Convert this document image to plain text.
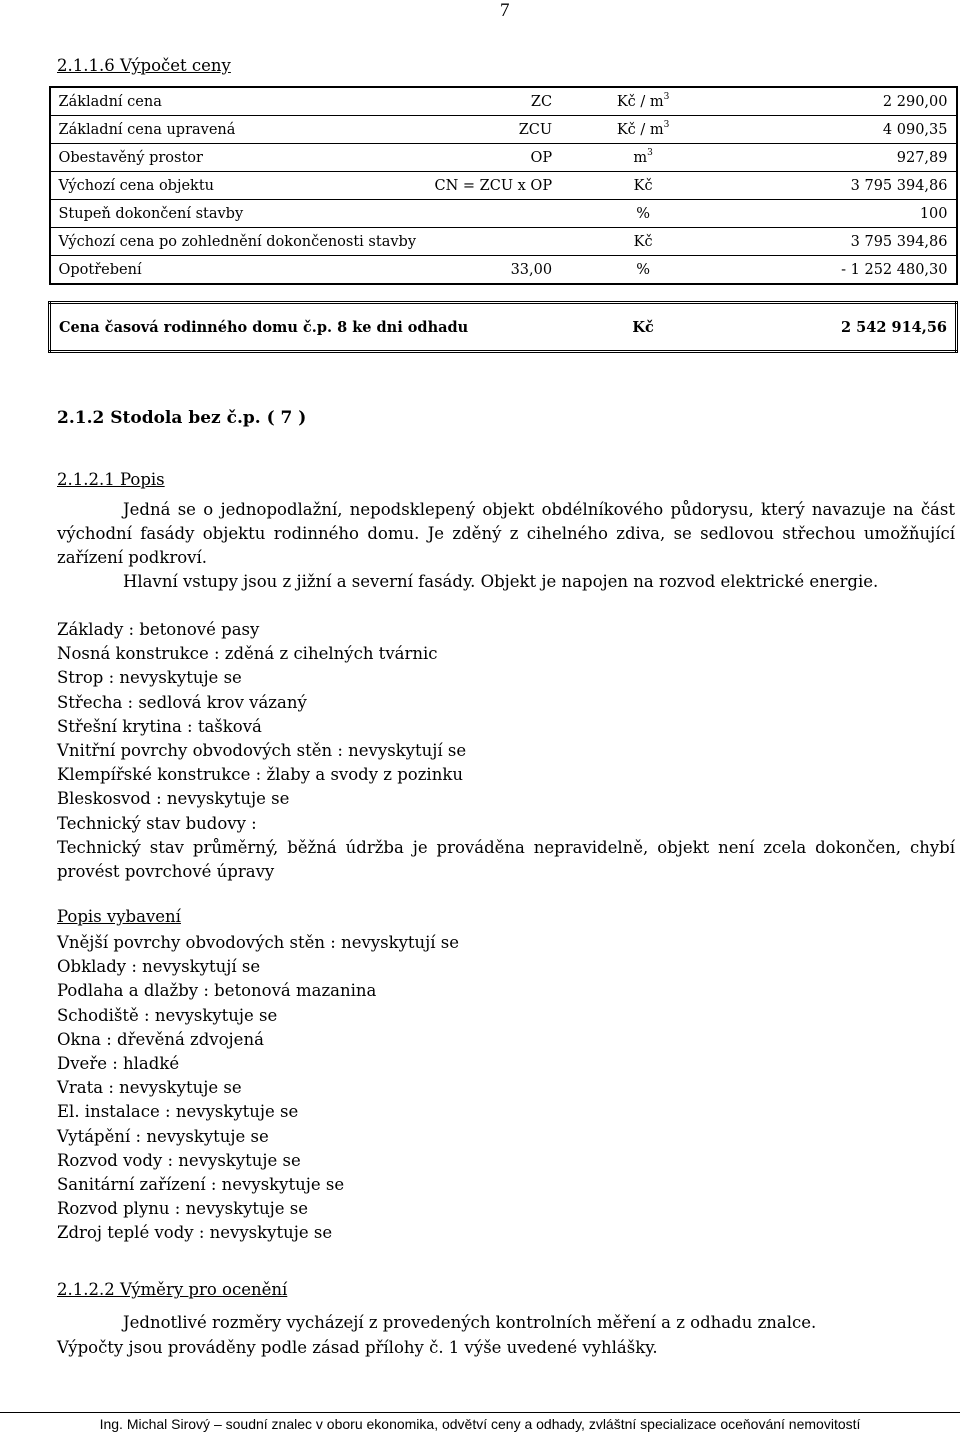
7
2.1.1.6 Výpočet ceny
Základní cena	ZC	Kč / $m^3$	2 290,00
Základní cena upravená	ZCU	Kč / $m^3$	4 090,35
Obestavěný prostor	OP	$m^3$	927,89
Výchozí cena objektu	CN = ZCU x OP	Kč	3 795 394,86
Stupeň dokončení stavby		%	100
Výchozí cena po zohlednění dokončenosti stavby		Kč	3 795 394,86
Opotřebení	33,00	%	- 1 252 480,30

Cena časová rodinného domu č.p. 8 ke dni odhadu		Kč	2 542 914,56
2.1.2 Stodola bez č.p. ( 7 )
2.1.2.1 Popis
Jedná se o jednopodlažní, nepodsklepený objekt obdélníkového půdorysu, který navazuje na část východní fasády objektu rodinného domu. Je zděný z cihelného zdiva, se sedlovou střechou umožňující zařízení podkroví.
Hlavní vstupy jsou z jižní a severní fasády. Objekt je napojen na rozvod elektrické energie.
Základy : betonové pasy
Nosná konstrukce : zděná z cihelných tvárnic
Strop : nevyskytuje se
Střecha : sedlová krov vázaný
Střešní krytina : tašková
Vnitřní povrchy obvodových stěn : nevyskytují se
Klempířské konstrukce : žlaby a svody z pozinku
Bleskosvod : nevyskytuje se
Technický stav budovy :
Technický stav průměrný, běžná údržba je prováděna nepravidelně, objekt není zcela dokončen, chybí provést povrchové úpravy
Popis vybavení
Vnější povrchy obvodových stěn : nevyskytují se
Obklady : nevyskytují se
Podlaha a dlažby : betonová mazanina
Schodiště : nevyskytuje se
Okna : dřevěná zdvojená
Dveře : hladké
Vrata : nevyskytuje se
El. instalace : nevyskytuje se
Vytápění : nevyskytuje se
Rozvod vody : nevyskytuje se
Sanitární zařízení : nevyskytuje se
Rozvod plynu : nevyskytuje se
Zdroj teplé vody : nevyskytuje se
2.1.2.2 Výměry pro ocenění
Jednotlivé rozměry vycházejí z provedených kontrolních měření a z odhadu znalce.
Výpočty jsou prováděny podle zásad přílohy č. 1 výše uvedené vyhlášky.
Ing. Michal Sirový – soudní znalec v oboru ekonomika, odvětví ceny a odhady, zvláštní specializace oceňování nemovitostí
